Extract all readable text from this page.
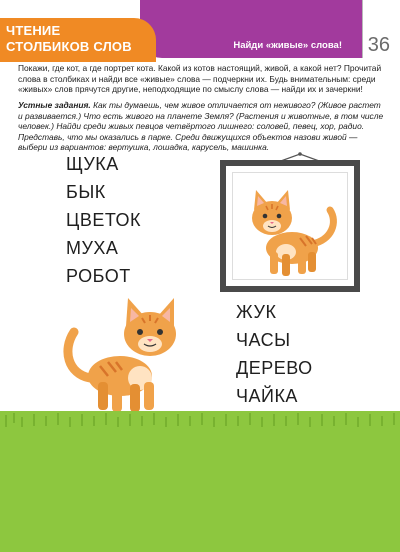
Найди «живые» слова! 36
ЧТЕНИЕ
СТОЛБИКОВ СЛОВ
Покажи, где кот, а где портрет кота. Какой из котов настоящий, живой, а какой нет? Прочитай слова в столбиках и найди все «живые» слова — подчеркни их. Будь внимательным: среди «живых» слов прячутся другие, неподходящие по смыслу слова — найди их и зачеркни!
Устные задания. Как ты думаешь, чем живое отличается от неживого? (Живое растет и развивается.) Что есть живого на планете Земля? (Растения и животные, в том числе человек.) Найди среди живых певцов четвёртого лишнего: соловей, певец, хор, радио. Представь, что мы оказались в парке. Среди движущихся объектов назови живой — выбери из вариантов: вертушка, лошадка, карусель, машинка.
ЩУКА
БЫК
ЦВЕТОК
МУХА
РОБОТ
ЖУК
ЧАСЫ
ДЕРЕВО
ЧАЙКА
